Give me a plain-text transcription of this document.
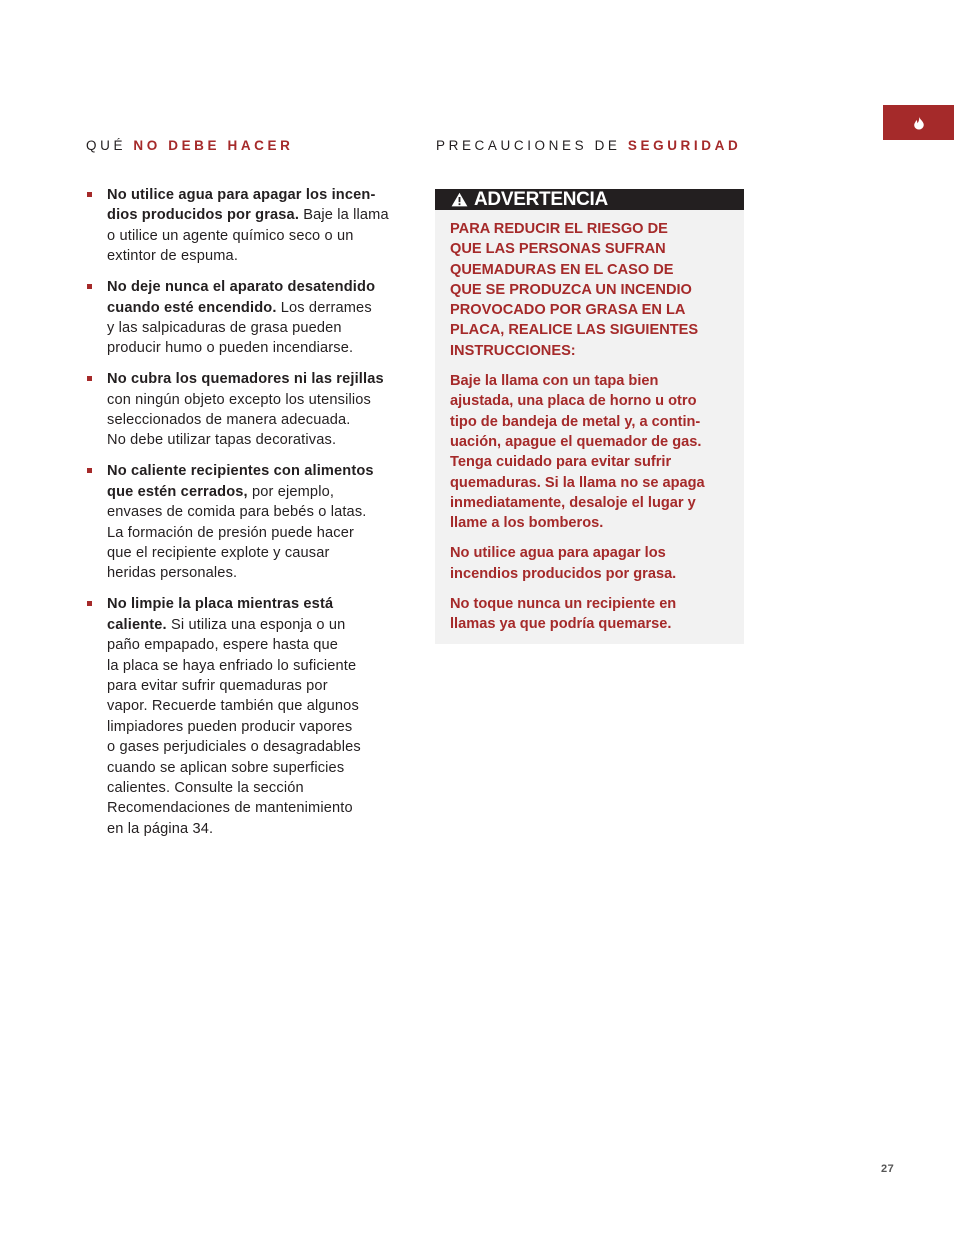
QUÉ NO DEBE HACER	PRECAUCIONES DE SEGURIDAD
No utilice agua para apagar los incen-
dios producidos por grasa. Baje la llama
o utilice un agente químico seco o un
extintor de espuma.
No deje nunca el aparato desatendido
cuando esté encendido. Los derrames
y las salpicaduras de grasa pueden
producir humo o pueden incendiarse.
No cubra los quemadores ni las rejillas
con ningún objeto excepto los utensilios
seleccionados de manera adecuada.
No debe utilizar tapas decorativas.
No caliente recipientes con alimentos
que estén cerrados, por ejemplo,
envases de comida para bebés o latas.
La formación de presión puede hacer
que el recipiente explote y causar
heridas personales.
No limpie la placa mientras está
caliente. Si utiliza una esponja o un
paño empapado, espere hasta que
la placa se haya enfriado lo suficiente
para evitar sufrir quemaduras por
vapor. Recuerde también que algunos
limpiadores pueden producir vapores
o gases perjudiciales o desagradables
cuando se aplican sobre superficies
calientes. Consulte la sección
Recomendaciones de mantenimiento
en la página 34.
ADVERTENCIA

PARA REDUCIR EL RIESGO DE
QUE LAS PERSONAS SUFRAN
QUEMADURAS EN EL CASO DE
QUE SE PRODUZCA UN INCENDIO
PROVOCADO POR GRASA EN LA
PLACA, REALICE LAS SIGUIENTES
INSTRUCCIONES:

Baje la llama con un tapa bien
ajustada, una placa de horno u otro
tipo de bandeja de metal y, a contin-
uación, apague el quemador de gas.
Tenga cuidado para evitar sufrir
quemaduras. Si la llama no se apaga
inmediatamente, desaloje el lugar y
llame a los bomberos.

No utilice agua para apagar los
incendios producidos por grasa.

No toque nunca un recipiente en
llamas ya que podría quemarse.

27
